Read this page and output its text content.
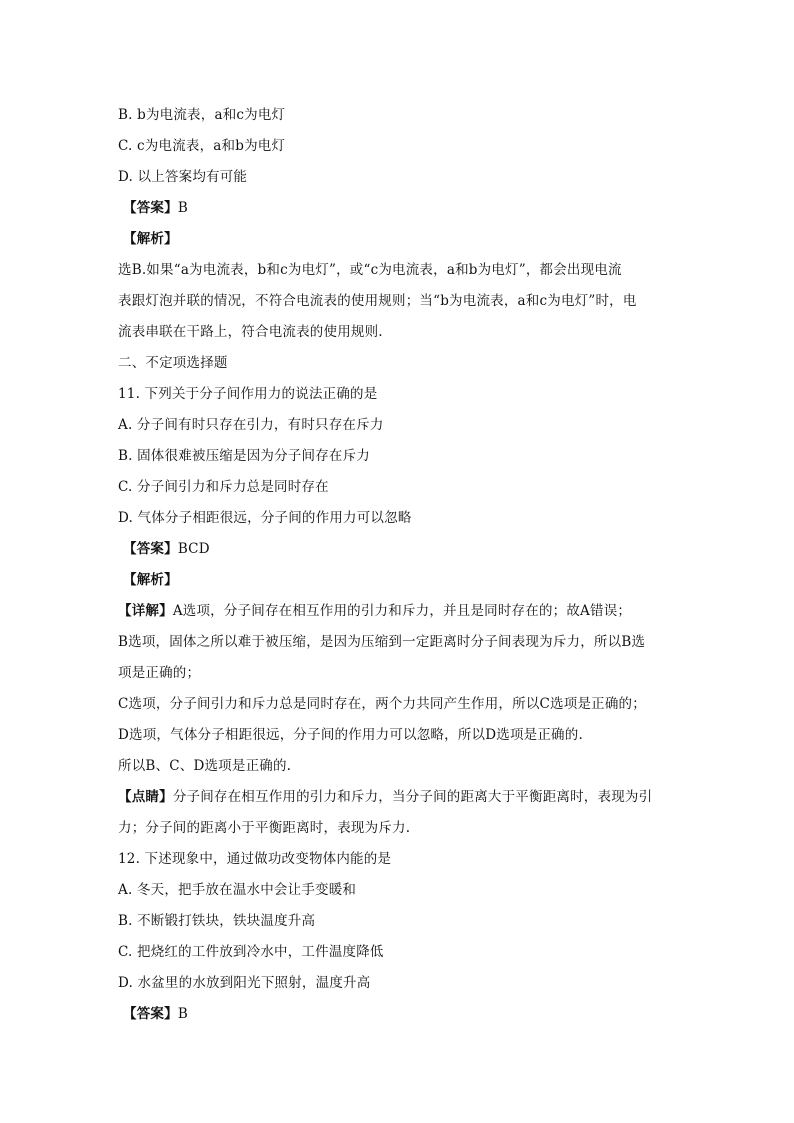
B. b为电流表，a和c为电灯
C. c为电流表，a和b为电灯
D. 以上答案均有可能
【答案】B
【解析】
选B.如果“a为电流表，b和c为电灯”，或“c为电流表，a和b为电灯”，都会出现电流
表跟灯泡并联的情况，不符合电流表的使用规则；当“b为电流表，a和c为电灯”时，电
流表串联在干路上，符合电流表的使用规则.
二、不定项选择题
11. 下列关于分子间作用力的说法正确的是
A. 分子间有时只存在引力，有时只存在斥力
B. 固体很难被压缩是因为分子间存在斥力
C. 分子间引力和斥力总是同时存在
D. 气体分子相距很远，分子间的作用力可以忽略
【答案】BCD
【解析】
【详解】A选项，分子间存在相互作用的引力和斥力，并且是同时存在的；故A错误；
B选项，固体之所以难于被压缩，是因为压缩到一定距离时分子间表现为斥力，所以B选
项是正确的；
C选项，分子间引力和斥力总是同时存在，两个力共同产生作用，所以C选项是正确的；
D选项，气体分子相距很远，分子间的作用力可以忽略，所以D选项是正确的.
所以B、C、D选项是正确的.
【点睛】分子间存在相互作用的引力和斥力，当分子间的距离大于平衡距离时，表现为引
力；分子间的距离小于平衡距离时，表现为斥力.
12. 下述现象中，通过做功改变物体内能的是
A. 冬天，把手放在温水中会让手变暖和
B. 不断锻打铁块，铁块温度升高
C. 把烧红的工件放到冷水中，工件温度降低
D. 水盆里的水放到阳光下照射，温度升高
【答案】B
